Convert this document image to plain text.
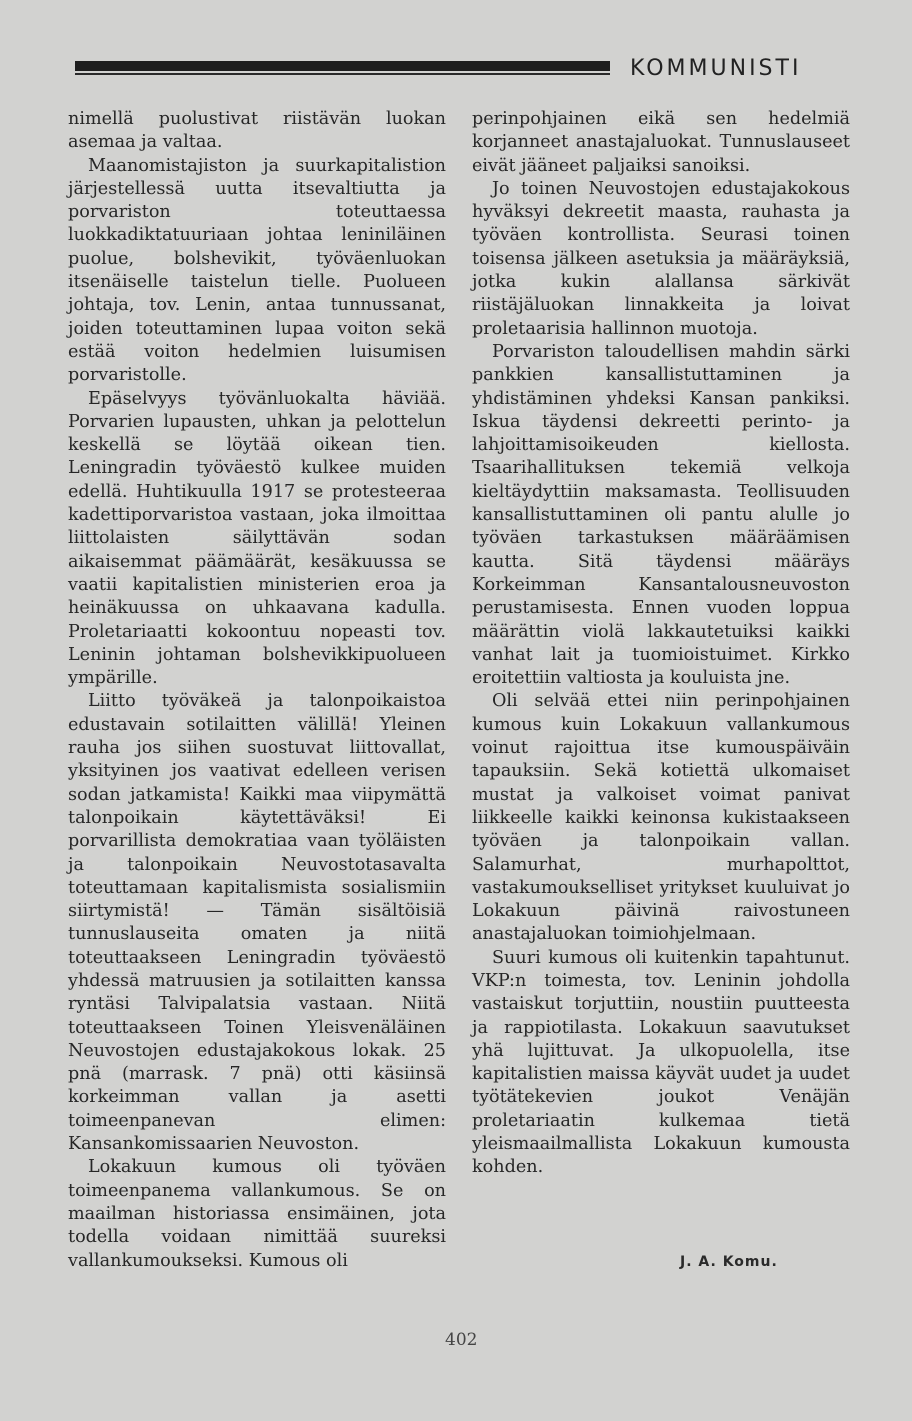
KOMMUNISTI

nimellä puolustivat riistävän luokan asemaa ja valtaa.

Maanomistajiston ja suurkapitalistion järjestellessä uutta itsevaltiutta ja porvariston toteuttaessa luokkadiktatuuriaan johtaa leniniläinen puolue, bolshevikit, työväenluokan itsenäiselle taistelun tielle. Puolueen johtaja, tov. Lenin, antaa tunnussanat, joiden toteuttaminen lupaa voiton sekä estää voiton hedelmien luisumisen porvaristolle.

Epäselvyys työvänluokalta häviää. Porvarien lupausten, uhkan ja pelottelun keskellä se löytää oikean tien. Leningradin työväestö kulkee muiden edellä. Huhtikuulla 1917 se protesteeraa kadettiporvaristoa vastaan, joka ilmoittaa liittolaisten säilyttävän sodan aikaisemmat päämäärät, kesäkuussa se vaatii kapitalistien ministerien eroa ja heinäkuussa on uhkaavana kadulla. Proletariaatti kokoontuu nopeasti tov. Leninin johtaman bolshevikkipuolueen ympärille.

Liitto työväkeä ja talonpoikaistoa edustavain sotilaitten välillä! Yleinen rauha jos siihen suostuvat liittovallat, yksityinen jos vaativat edelleen verisen sodan jatkamista! Kaikki maa viipymättä talonpoikain käytettäväksi! Ei porvarillista demokratiaa vaan työläisten ja talonpoikain Neuvostotasavalta toteuttamaan kapitalismista sosialismiin siirtymistä! — Tämän sisältöisiä tunnuslauseita omaten ja niitä toteuttaakseen Leningradin työväestö yhdessä matruusien ja sotilaitten kanssa ryntäsi Talvipalatsia vastaan. Niitä toteuttaakseen Toinen Yleisvenäläinen Neuvostojen edustajakokous lokak. 25 pnä (marrask. 7 pnä) otti käsiinsä korkeimman vallan ja asetti toimeenpanevan elimen: Kansankomissaarien Neuvoston.

Lokakuun kumous oli työväen toimeenpanema vallankumous. Se on maailman historiassa ensimäinen, jota todella voidaan nimittää suureksi vallankumoukseksi. Kumous oli

perinpohjainen eikä sen hedelmiä korjanneet anastajaluokat. Tunnuslauseet eivät jääneet paljaiksi sanoiksi.

Jo toinen Neuvostojen edustajakokous hyväksyi dekreetit maasta, rauhasta ja työväen kontrollista. Seurasi toinen toisensa jälkeen asetuksia ja määräyksiä, jotka kukin alallansa särkivät riistäjäluokan linnakkeita ja loivat proletaarisia hallinnon muotoja.

Porvariston taloudellisen mahdin särki pankkien kansallistuttaminen ja yhdistäminen yhdeksi Kansan pankiksi. Iskua täydensi dekreetti perinto- ja lahjoittamisoikeuden kiellosta. Tsaarihallituksen tekemiä velkoja kieltäydyttiin maksamasta. Teollisuuden kansallistuttaminen oli pantu alulle jo työväen tarkastuksen määräämisen kautta. Sitä täydensi määräys Korkeimman Kansantalousneuvoston perustamisesta. Ennen vuoden loppua määrättin violä lakkautetuiksi kaikki vanhat lait ja tuomioistuimet. Kirkko eroitettiin valtiosta ja kouluista jne.

Oli selvää ettei niin perinpohjainen kumous kuin Lokakuun vallankumous voinut rajoittua itse kumouspäiväin tapauksiin. Sekä kotiettä ulkomaiset mustat ja valkoiset voimat panivat liikkeelle kaikki keinonsa kukistaakseen työväen ja talonpoikain vallan. Salamurhat, murhapolttot, vastakumoukselliset yritykset kuuluivat jo Lokakuun päivinä raivostuneen anastajaluokan toimiohjelmaan.

Suuri kumous oli kuitenkin tapahtunut. VKP:n toimesta, tov. Leninin johdolla vastaiskut torjuttiin, noustiin puutteesta ja rappiotilasta. Lokakuun saavutukset yhä lujittuvat. Ja ulkopuolella, itse kapitalistien maissa käyvät uudet ja uudet työtätekevien joukot Venäjän proletariaatin kulkemaa tietä yleismaailmallista Lokakuun kumousta kohden.

J. A. Komu.
402
